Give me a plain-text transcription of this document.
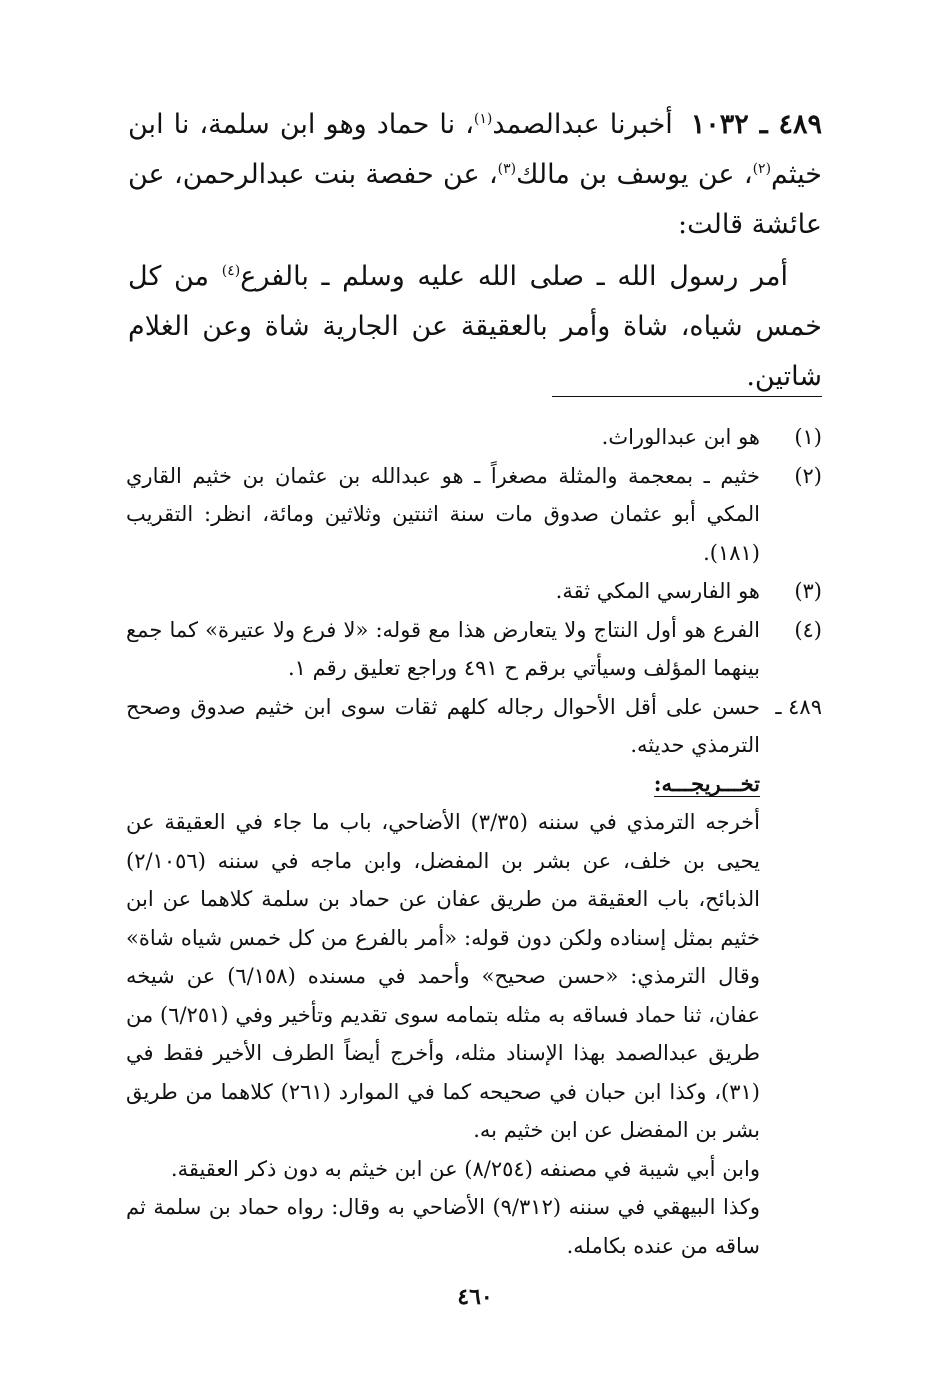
٤٨٩ ـ ١٠٣٢أخبرنا عبدالصمد$^{(١)}$، نا حماد وهو ابن سلمة، نا ابن خيثم$^{(٢)}$، عن يوسف بن مالك$^{(٣)}$، عن حفصة بنت عبدالرحمن، عن عائشة قالت:

أمر رسول الله ـ صلى الله عليه وسلم ـ بالفرع$^{(٤)}$ من كل خمس شياه، شاة وأمر بالعقيقة عن الجارية شاة وعن الغلام شاتين.

(١)
هو ابن عبدالوراث.
(٢)
خثيم ـ بمعجمة والمثلة مصغراً ـ هو عبدالله بن عثمان بن خثيم القاري المكي أبو عثمان صدوق مات سنة اثنتين وثلاثين ومائة، انظر: التقريب (١٨١).
(٣)
هو الفارسي المكي ثقة.
(٤)
الفرع هو أول النتاج ولا يتعارض هذا مع قوله: «لا فرع ولا عتيرة» كما جمع بينهما المؤلف وسيأتي برقم ح ٤٩١ وراجع تعليق رقم ١.
٤٨٩ ـ
حسن على أقل الأحوال رجاله كلهم ثقات سوى ابن خثيم صدوق وصحح الترمذي حديثه.
تخـــريجـــه:

أخرجه الترمذي في سننه (٣/٣٥) الأضاحي، باب ما جاء في العقيقة عن يحيى بن خلف، عن بشر بن المفضل، وابن ماجه في سننه (٢/١٠٥٦) الذبائح، باب العقيقة من طريق عفان عن حماد بن سلمة كلاهما عن ابن خثيم بمثل إسناده ولكن دون قوله: «أمر بالفرع من كل خمس شياه شاة» وقال الترمذي: «حسن صحيح» وأحمد في مسنده (٦/١٥٨) عن شيخه عفان، ثنا حماد فساقه به مثله بتمامه سوى تقديم وتأخير وفي (٦/٢٥١) من طريق عبدالصمد بهذا الإسناد مثله، وأخرج أيضاً الطرف الأخير فقط في (٣١)، وكذا ابن حبان في صحيحه كما في الموارد (٢٦١) كلاهما من طريق بشر بن المفضل عن ابن خثيم به.

وابن أبي شيبة في مصنفه (٨/٢٥٤) عن ابن خيثم به دون ذكر العقيقة.

وكذا البيهقي في سننه (٩/٣١٢) الأضاحي به وقال: رواه حماد بن سلمة ثم ساقه من عنده بكامله.

٤٦٠
